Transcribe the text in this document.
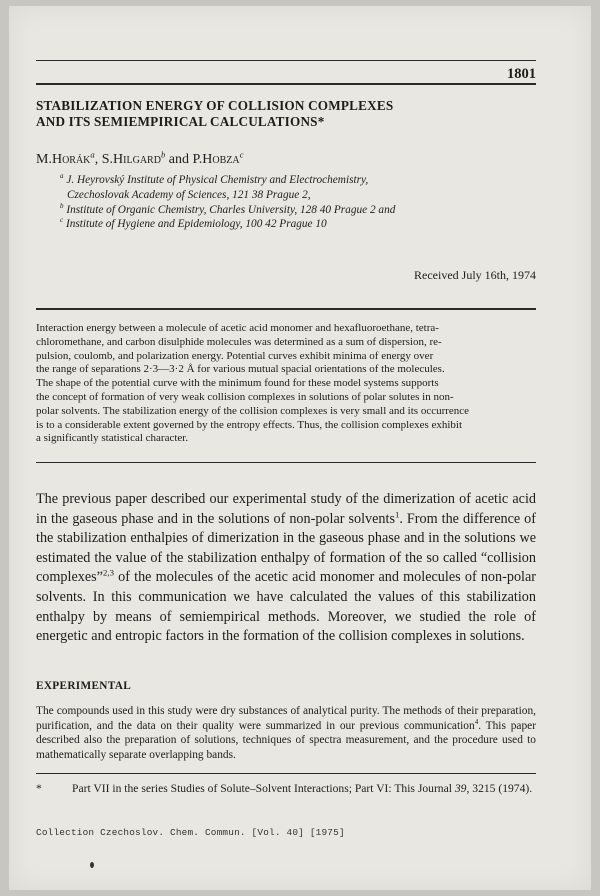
1801
STABILIZATION ENERGY OF COLLISION COMPLEXES
AND ITS SEMIEMPIRICAL CALCULATIONS*
M.Horák$^a$, S.Hilgard$^b$ and P.Hobza$^c$
$^a$ J. Heyrovský Institute of Physical Chemistry and Electrochemistry,
Czechoslovak Academy of Sciences, 121 38 Prague 2,
$^b$ Institute of Organic Chemistry, Charles University, 128 40 Prague 2 and
$^c$ Institute of Hygiene and Epidemiology, 100 42 Prague 10
Received July 16th, 1974
Interaction energy between a molecule of acetic acid monomer and hexafluoroethane, tetra-
chloromethane, and carbon disulphide molecules was determined as a sum of dispersion, re-
pulsion, coulomb, and polarization energy. Potential curves exhibit minima of energy over
the range of separations 2·3—3·2 Å for various mutual spacial orientations of the molecules.
The shape of the potential curve with the minimum found for these model systems supports
the concept of formation of very weak collision complexes in solutions of polar solutes in non-
polar solvents. The stabilization energy of the collision complexes is very small and its occurrence
is to a considerable extent governed by the entropy effects. Thus, the collision complexes exhibit
a significantly statistical character.
The previous paper described our experimental study of the dimerization of acetic acid in the gaseous phase and in the solutions of non-polar solvents$^1$. From the difference of the stabilization enthalpies of dimerization in the gaseous phase and in the solutions we estimated the value of the stabilization enthalpy of formation of the so called “collision complexes”$^{2,3}$ of the molecules of the acetic acid monomer and molecules of non-polar solvents. In this communication we have calculated the values of this stabilization enthalpy by means of semiempirical methods. Moreover, we studied the role of energetic and entropic factors in the formation of the collision complexes in solutions.
EXPERIMENTAL
The compounds used in this study were dry substances of analytical purity. The methods of their preparation, purification, and the data on their quality were summarized in our previous communication$^4$. This paper described also the preparation of solutions, techniques of spectra measurement, and the procedure used to mathematically separate overlapping bands.
*	Part VII in the series Studies of Solute–Solvent Interactions; Part VI: This Journal 39, 3215 (1974).
Collection Czechoslov. Chem. Commun. [Vol. 40] [1975]
